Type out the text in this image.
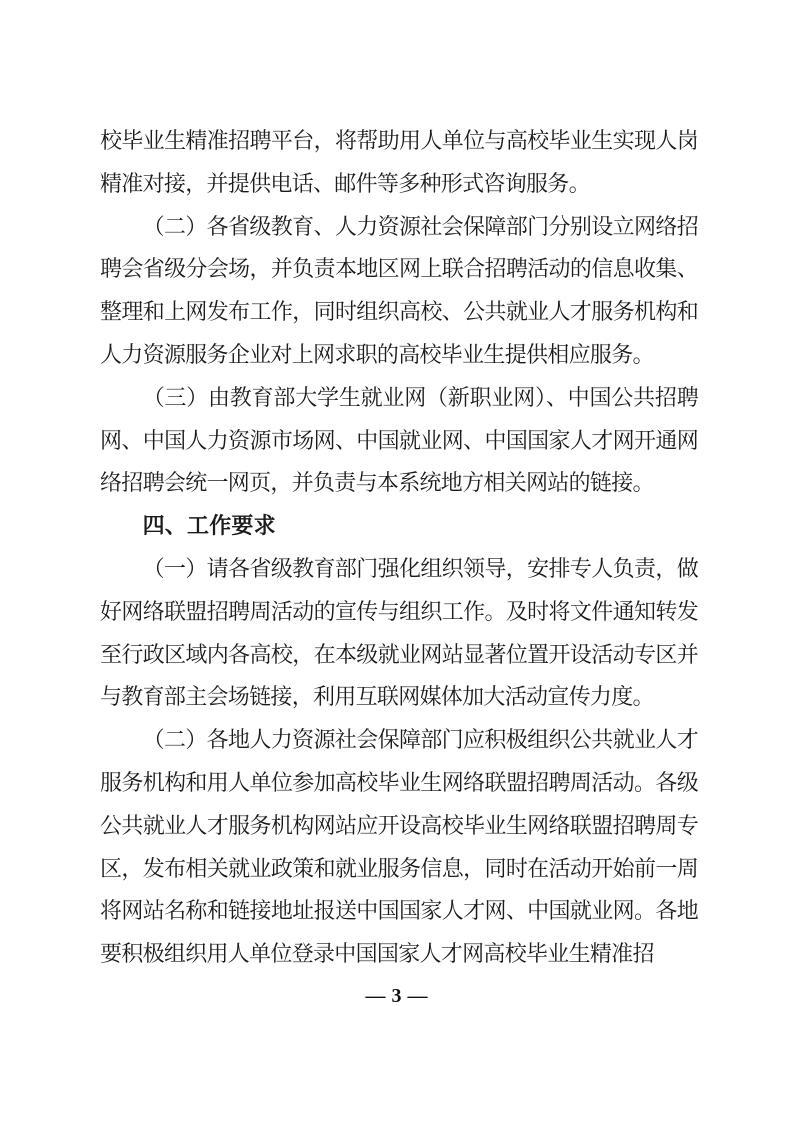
校毕业生精准招聘平台，将帮助用人单位与高校毕业生实现人岗精准对接，并提供电话、邮件等多种形式咨询服务。
（二）各省级教育、人力资源社会保障部门分别设立网络招聘会省级分会场，并负责本地区网上联合招聘活动的信息收集、整理和上网发布工作，同时组织高校、公共就业人才服务机构和人力资源服务企业对上网求职的高校毕业生提供相应服务。
（三）由教育部大学生就业网（新职业网）、中国公共招聘网、中国人力资源市场网、中国就业网、中国国家人才网开通网络招聘会统一网页，并负责与本系统地方相关网站的链接。
四、工作要求
（一）请各省级教育部门强化组织领导，安排专人负责，做好网络联盟招聘周活动的宣传与组织工作。及时将文件通知转发至行政区域内各高校，在本级就业网站显著位置开设活动专区并与教育部主会场链接，利用互联网媒体加大活动宣传力度。
（二）各地人力资源社会保障部门应积极组织公共就业人才服务机构和用人单位参加高校毕业生网络联盟招聘周活动。各级公共就业人才服务机构网站应开设高校毕业生网络联盟招聘周专区，发布相关就业政策和就业服务信息，同时在活动开始前一周将网站名称和链接地址报送中国国家人才网、中国就业网。各地要积极组织用人单位登录中国国家人才网高校毕业生精准招
— 3 —
